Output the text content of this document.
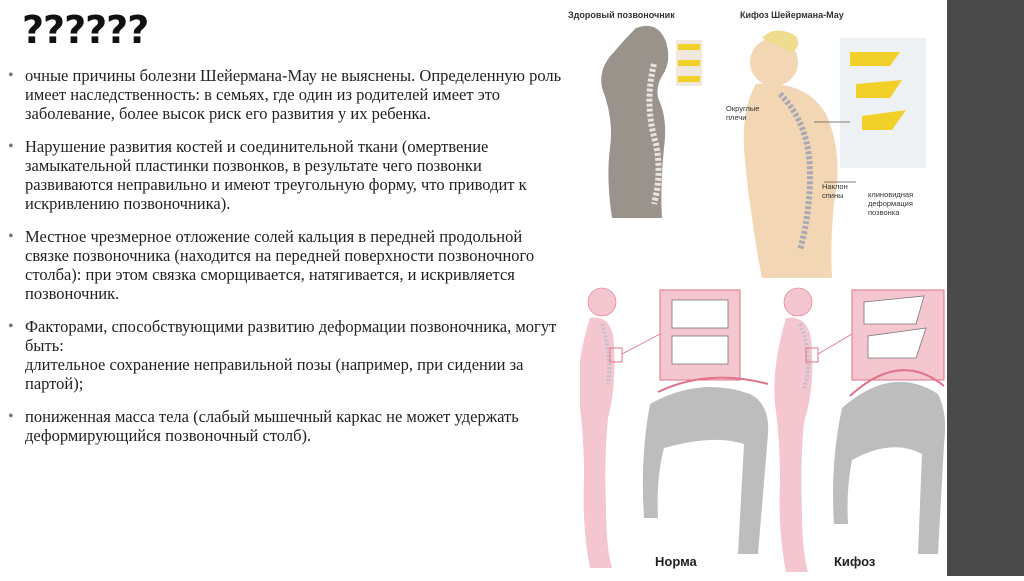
??????
• очные причины болезни Шейермана-Мау не выяснены. Определенную роль имеет наследственность: в семьях, где один из родителей имеет это заболевание, более высок риск его развития у их ребенка.
• Нарушение развития костей и соединительной ткани (омертвение замыкательной пластинки позвонков, в результате чего позвонки развиваются неправильно и имеют треугольную форму, что приводит к искривлению позвоночника).
• Местное чрезмерное отложение солей кальция в передней продольной связке позвоночника (находится на передней поверхности позвоночного столба): при этом связка сморщивается, натягивается, и искривляется позвоночник.
• Факторами, способствующими развитию деформации позвоночника, могут быть:
длительное сохранение неправильной позы (например, при сидении за партой);
• пониженная масса тела (слабый мышечный каркас не может удержать деформирующийся позвоночный столб).
Здоровый позвоночник	Кифоз Шейермана-Мау
Округлые плечи
Наклон спины	клиновидная деформация позвонка
Норма	Кифоз
